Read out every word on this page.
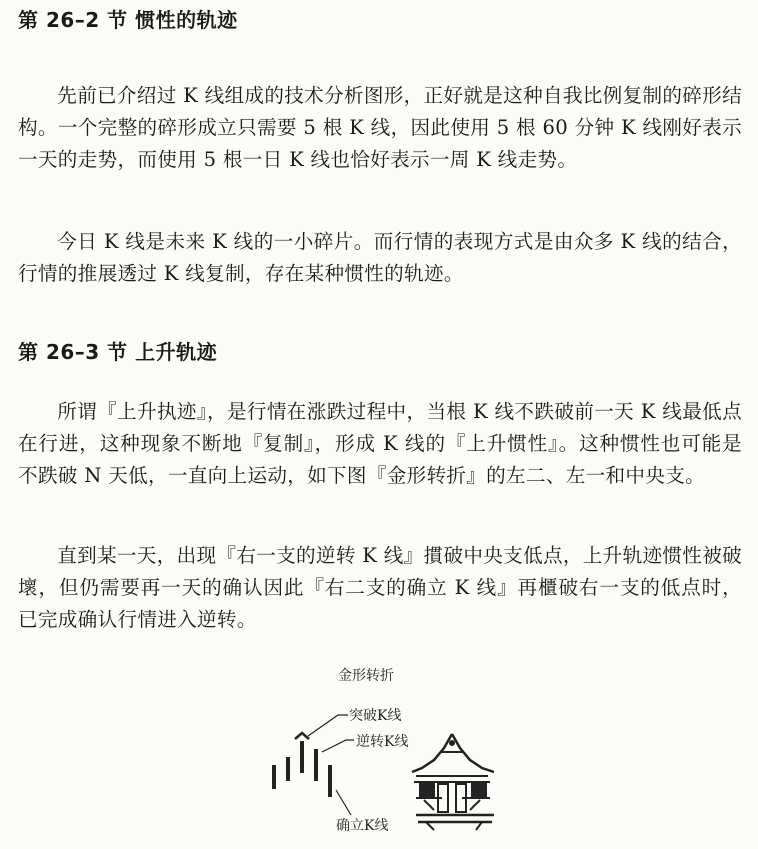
第 26–2 节 惯性的轨迹

先前已介绍过 K 线组成的技术分析图形，正好就是这种自我比例复制的碎形结构。一个完整的碎形成立只需要 5 根 K 线，因此使用 5 根 60 分钟 K 线刚好表示一天的走势，而使用 5 根一日 K 线也恰好表示一周 K 线走势。

今日 K 线是未来 K 线的一小碎片。而行情的表现方式是由众多 K 线的结合，行情的推展透过 K 线复制，存在某种惯性的轨迹。

第 26–3 节 上升轨迹

所谓『上升执迹』，是行情在涨跌过程中，当根 K 线不跌破前一天 K 线最低点在行进，这种现象不断地『复制』，形成 K 线的『上升惯性』。这种惯性也可能是不跌破 N 天低，一直向上运动，如下图『金形转折』的左二、左一和中央支。

直到某一天，出现『右一支的逆转 K 线』摜破中央支低点，上升轨迹惯性被破壞，但仍需要再一天的确认因此『右二支的确立 K 线』再櫃破右一支的低点时，已完成确认行情进入逆转。

金形转折
突破K线
逆转K线
确立K线
